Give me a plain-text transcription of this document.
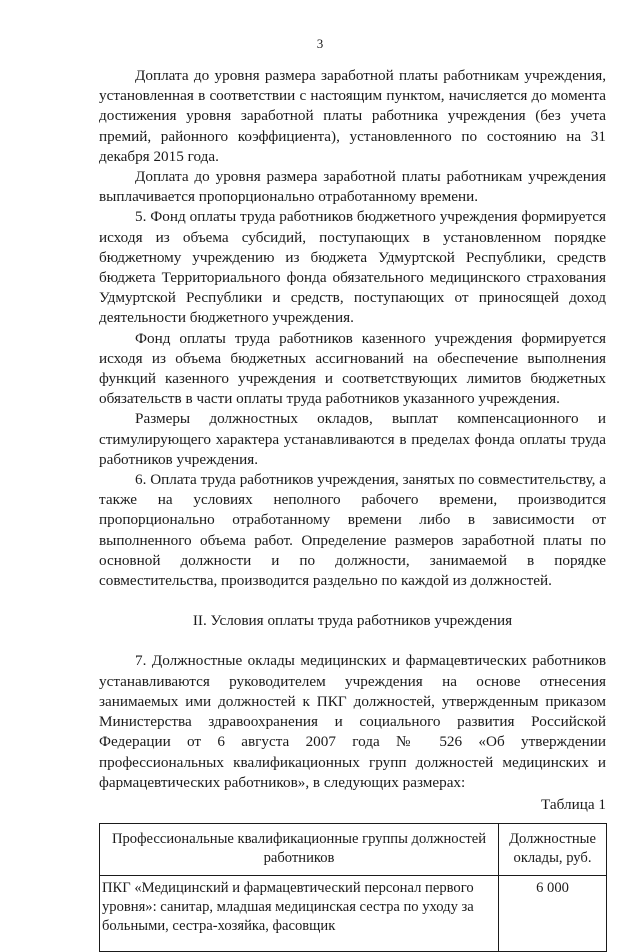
3

Доплата до уровня размера заработной платы работникам учреждения, установленная в соответствии с настоящим пунктом, начисляется до момента достижения уровня заработной платы работника учреждения (без учета премий, районного коэффициента), установленного по состоянию на 31 декабря 2015 года.

Доплата до уровня размера заработной платы работникам учреждения выплачивается пропорционально отработанному времени.

5. Фонд оплаты труда работников бюджетного учреждения формируется исходя из объема субсидий, поступающих в установленном порядке бюджетному учреждению из бюджета Удмуртской Республики, средств бюджета Территориального фонда обязательного медицинского страхования Удмуртской Республики и средств, поступающих от приносящей доход деятельности бюджетного учреждения.

Фонд оплаты труда работников казенного учреждения формируется исходя из объема бюджетных ассигнований на обеспечение выполнения функций казенного учреждения и соответствующих лимитов бюджетных обязательств в части оплаты труда работников указанного учреждения.

Размеры должностных окладов, выплат компенсационного и стимулирующего характера устанавливаются в пределах фонда оплаты труда работников учреждения.

6. Оплата труда работников учреждения, занятых по совместительству, а также на условиях неполного рабочего времени, производится пропорционально отработанному времени либо в зависимости от выполненного объема работ. Определение размеров заработной платы по основной должности и по должности, занимаемой в порядке совместительства, производится раздельно по каждой из должностей.

II. Условия оплаты труда работников учреждения

7. Должностные оклады медицинских и фармацевтических работников устанавливаются руководителем учреждения на основе отнесения занимаемых ими должностей к ПКГ должностей, утвержденным приказом Министерства здравоохранения и социального развития Российской Федерации от 6 августа 2007 года № 526 «Об утверждении профессиональных квалификационных групп должностей медицинских и фармацевтических работников», в следующих размерах:

Таблица 1

Профессиональные квалификационные группы должностей работников	Должностные оклады, руб.
ПКГ «Медицинский и фармацевтический персонал первого уровня»: санитар, младшая медицинская сестра по уходу за больными, сестра-хозяйка, фасовщик	6 000
